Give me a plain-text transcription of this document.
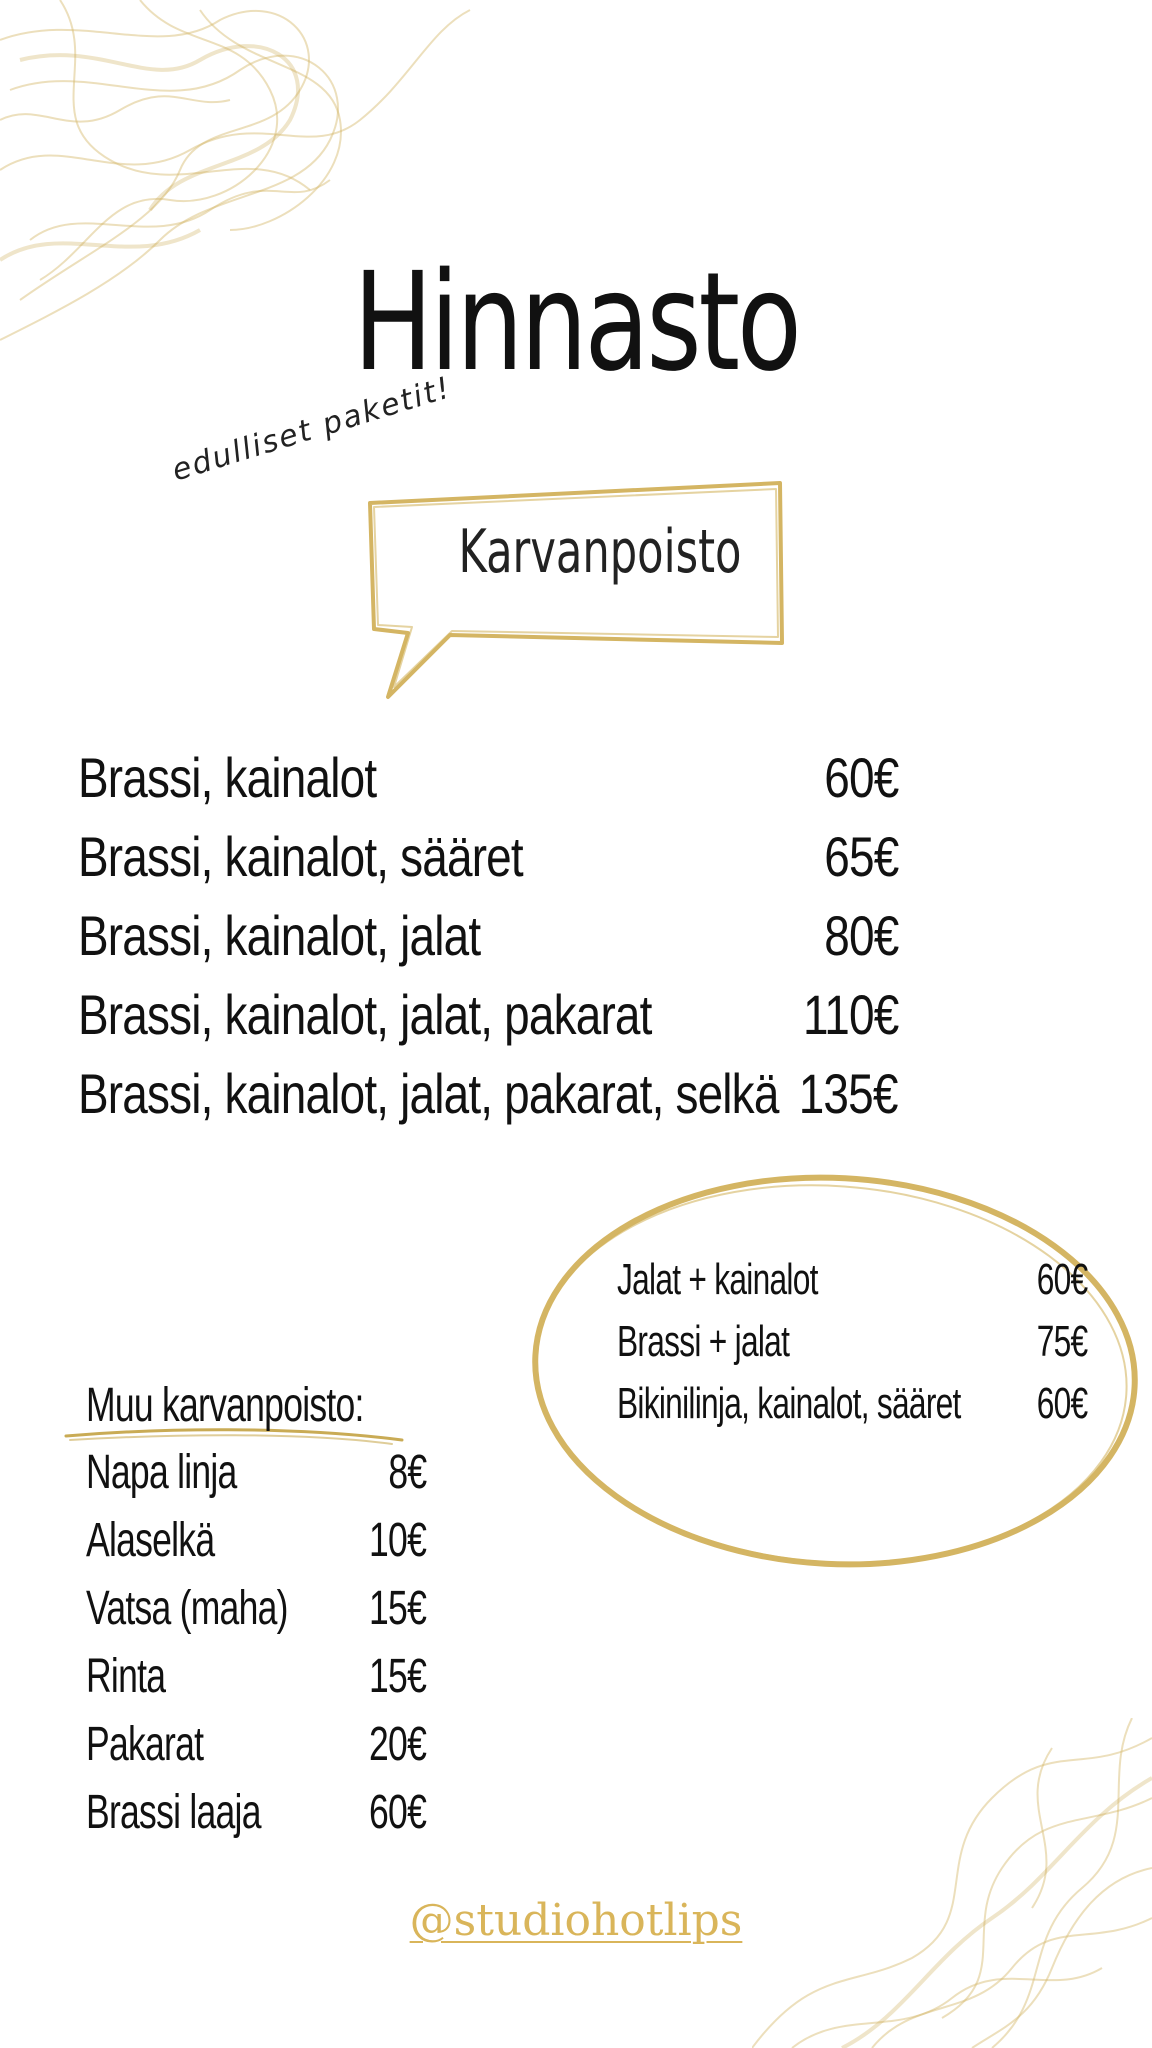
Hinnasto
edulliset paketit!
Karvanpoisto
Brassi, kainalot	60€
Brassi, kainalot, sääret	65€
Brassi, kainalot, jalat	80€
Brassi, kainalot, jalat, pakarat	110€
Brassi, kainalot, jalat, pakarat, selkä 135€
Jalat + kainalot	60€
Brassi + jalat	75€
Bikinilinja, kainalot, sääret 60€
Muu karvanpoisto:
Napa linja	8€
Alaselkä	10€
Vatsa (maha) 15€
Rinta	15€
Pakarat	20€
Brassi laaja 60€
@studiohotlips
